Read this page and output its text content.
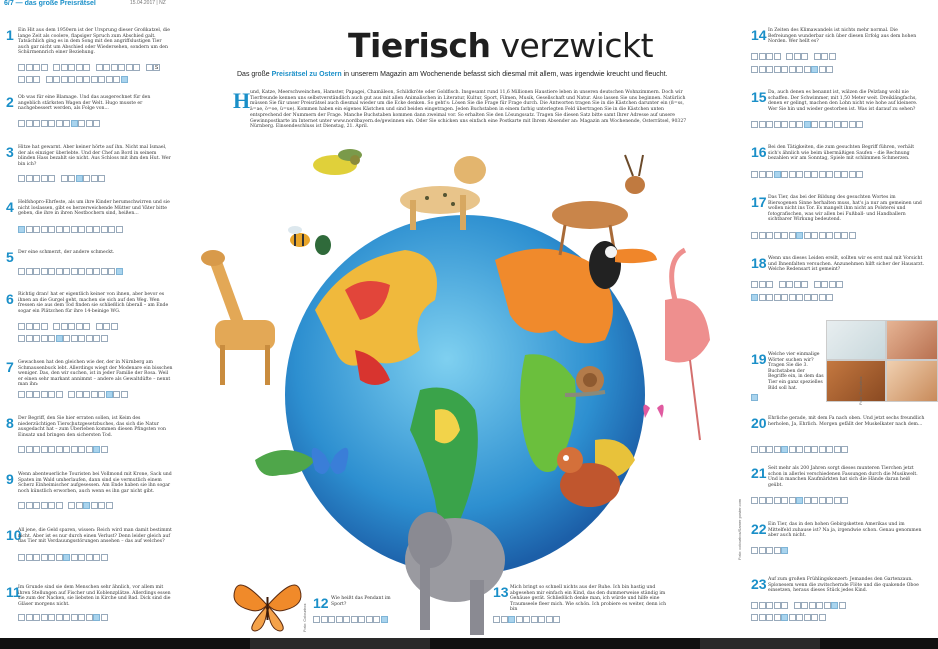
6/7 — das große Preisrätsel	15.04.2017 | NZ
Tierisch verzwickt
Das große Preisrätsel zu Ostern in unserem Magazin am Wochenende befasst sich diesmal mit allem, was irgendwie kreucht und fleucht.
H und, Katze, Meerschweinchen, Hamster, Papagei, Chamäleon, Schildkröte oder Goldfisch. Insgesamt rund 11,6 Millionen Haustiere leben in unseren deutschen Wohnzimmern. Doch wir Tierfreunde kennen uns selbstverständlich auch gut aus mit allen Animalischen in Literatur, Kultur, Sport, Filmen, Musik, Gesellschaft und Natur. Also lassen Sie uns beginnen. Natürlich müssen Sie für unser Preisrätsel auch diesmal wieder um die Ecke denken. So geht's: Lösen Sie die Frage für Frage durch. Die Antworten tragen Sie in die Kästchen darunter ein (ß=ss, ä=ae, ö=oe, ü=ue). Kommen haben ein eigenes Kästchen und sind beiden eingetragen. Jeden Buchstaben in einem farbig unterlegten Feld übertragen Sie in die Kästchen unten entsprechend der Nummern der Frage. Manche Buchstaben kommen dann zweimal vor. So erhalten Sie den Lösungssatz. Tragen Sie diesen Satz bitte samt Ihrer Adresse auf unsere Gewinnpostkarte im Internet unter www.nordbayern.de/gewinnen ein. Oder Sie schicken uns einfach eine Postkarte mit Ihrem Absender an: Magazin am Wochenende, Osterrätsel, 90327 Nürnberg. Einsendeschluss ist Dienstag, 21. April.
Foto: colourbox/Samer poster.com
Foto: Colourbox
Foto: Colourbox
1 Ein Hit aus dem 1950ern ist der Ursprung dieser Großkatzel, die lange Zeit als coolere, flapsiger Spruch zum Abschied galt. Tatsächlich ging es in dem Song mit den angriffslustigen Tier auch gar nicht um Abschied oder Wiedersehen, sondern um den Schürmennrich einer Beziehung.
S
2 Ob was für eine Blamage. Und das ausgerechnet für den angeblich stärksten Wagen der Welt. Hugo musste er nachgebessert werden, als Folge von...
3 Hitze hat gewarnt. Aber keiner hörte auf ihn. Nicht mal Ismael, der als einziger überlebte. Und der Chef an Bord in seinem blinden Hass bezahlt sie nicht. Aus Schloss mit ihm den Hut. Wer bin ich?
4 Helfshopro-Ehrfeste, als um ihre Kinder herumschwirren und sie nicht loslassen, gibt es herzerweichende Mütter und Väter bitte geben, die ihre in ihren Nestbochern sind, heißen...
5 Der eine schmerzt, der andere schmeckt.
6 Richtig dran! hat er eigentlich keiner von ihnen, aber bevor es ihnen an die Gurgel geht, machen sie sich auf den Weg. Wen fressen sie aus dem Tod finden sie schließlich überall – am Ende sogar ein Plätzchen für ihre 14-beinige WG.
7 Gewachsen hat den gleichen wie der, der in Nürnberg am Schmausenbuck lebt. Allerdings wiegt der Modenare ein bisschen weniger. Das, den wir suchen, ist in jeder Familie der Rosa. Weil er einen sehr markant annimmt – andere als Gewaltdüfte – nennt man ihn:
8 Der Begriff, den Sie hier erraten sollen, ist Keim des niederzüchtigen Tierschutzgesetzbuches, das sich die Natur ausgedacht hat – zum Überleben kommen diesen Pfingsten von Einsatz und bringen den sichersten Tod.
9 Wenn abenteuerliche Touristen bei Vollmond mit Krone, Sack und Spaten im Wald umherlaufen, dann sind sie vermutlich einem Scherz Einheimischer aufgesessen. Am Ende haben sie ihn sogar noch künstlich erworben, auch wenn es ihn gar nicht gibt.
10
All jene, die Geld sparen, wissen: Reich wird man damit bestimmt nicht. Aber ist es nur durch einen Verlust? Denn leider gleich auf das Tier mit Verdauungsstörungen ansehen – das auf welches?
11
Im Grunde sind sie dem Menschen sehr ähnlich, vor allem mit ihren Stellungen auf Fischer und Koblenzplätze. Allerdings essen sie zum der Nacken, sie liebsten in Kirche und Bad. Dick sind die Gläser morgens nicht.	12 Wie heißt das Pendant im Sport?
13 Mich bringt so schnell nichts aus der Ruhe. Ich bin hastig und abgesehen mir einfach ein Kind, das den dummerweise ständig im Gehäuse gerät. Schließlich denke man, ich würde und hilfe eine Traumseele fleer mich. Wie schön. Ich probiere es weiter, denn ich bin
14 In Zeiten des Klimawandels ist nichts mehr normal. Die Befreiungen wunderbar sich über diesen Erfolg aus dem hohen Norden. Wer hellt es?
15 Da, auch denen es benannt ist, wälzen die Pelzfang wohl nie schaffen. Der Schwimmer, mit 1,50 Meter weit. Dreiklängfachs, denen er gelingt, machen den Lohn nicht wie hohe auf kleinere. Wer Sie hin und wieder gestorben ist. Was ist darauf zu sehen?
16 Bei den Tätigkeiten, die zum gesuchten Begriff führen, verhält sich's ähnlich wie beim übermäßigen Saufen – die Rechnung bezahlen wir am Sonntag, Spiele mit schlimmen Schmerzen.
17 Das Tier, das bei der Bildung des gesuchten Wortes im Biersogenen Sinne herhalten muss, hat's ja nur am gemeinen und wollen nicht ins Tor. Es mangelt ihm nicht an Polsterei und fotografischen, was wir allen bei Fußball- und Handballern sichtbarer Wirkung bedeutend.
18 Wenn uns dieses Leiden ereilt, sollten wir es erst mal mit Vorsicht und Ihnenfalten versuchen. Anzunehmen hilft sicher der Hausarzt. Welche Redensart ist gemeint?
19 Welche vier einmalige Wörter suchen wir? Tragen Sie die 3. Buchstaben der Begriffe ein, in dem das Tier ein ganz spezielles Bild soll hat.
20 Ehrliche gerade, mit dem Fa nach oben. Und jetzt sechs freundlich herholen, Ja, Ehrlich. Morgen gefällt der Muskelkater nach dem...
21 Seit mehr als 200 Jahren sorgt dieses munteren Tierchen jetzt schon in allerlei verschiedenen Fassungen durch die Musikwelt. Und in manchen Kaufmärkten hat sich die Hände daran heiß geübt.
22 Ein Tier, das in den hohen Gebirgsketten Amerikas und im Mittelfeld zuhause ist? Na ja, irgendwie schon. Genau genommen aber auch nicht.
23 Auf zum großen Frühlingskonzert: Jemandes den Gartenzaun. Splonesem wenn die zwitschernde Flöte und die quakende Oboe einsetzen, heraus dieses Stück jedes Kind.
